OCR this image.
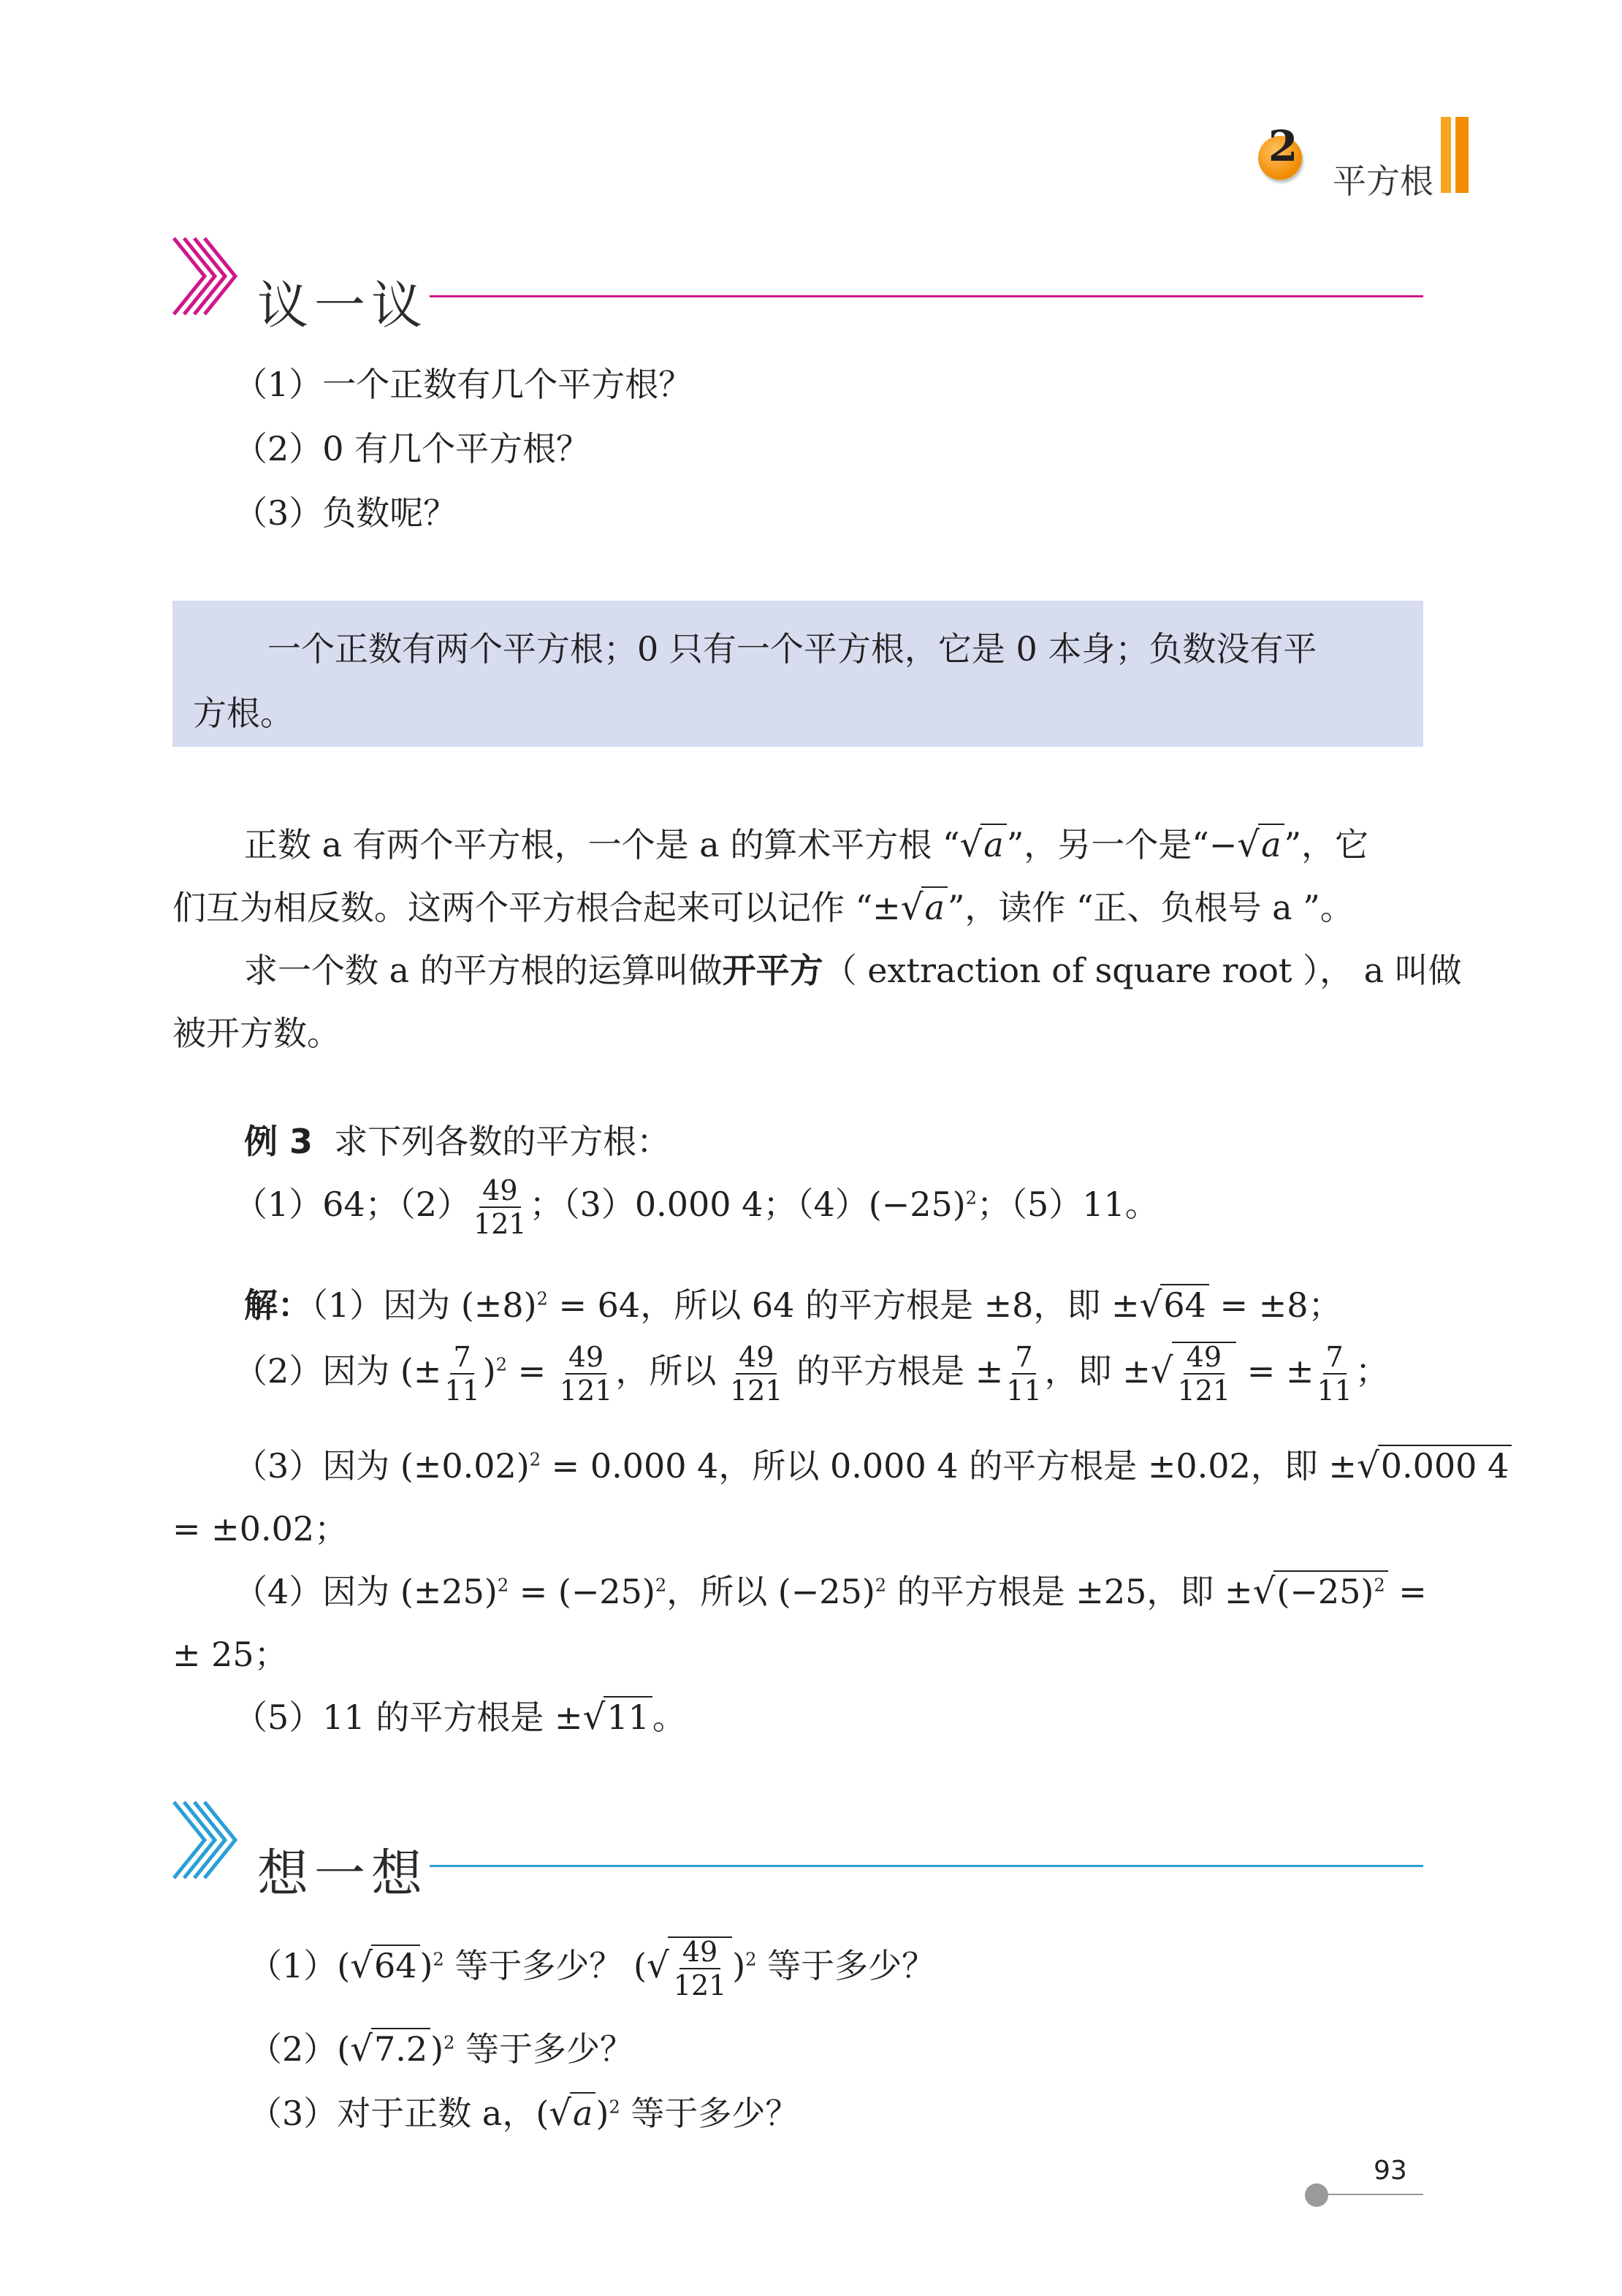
2
平方根
议一议
（1）一个正数有几个平方根？
（2）0 有几个平方根？
（3）负数呢？
一个正数有两个平方根；0 只有一个平方根，它是 0 本身；负数没有平
方根。
正数 a 有两个平方根，一个是 a 的算术平方根 “√a”，另一个是“−√a”，它
们互为相反数。这两个平方根合起来可以记作 “±√a”，读作 “正、负根号 a ”。
求一个数 a 的平方根的运算叫做开平方（ extraction of square root ）， a 叫做
被开方数。
例 3 求下列各数的平方根：
（1）64；$(2) \frac{49}{121}$ ；（3）0.000 4；$(4)(-25)^2$；（5）11。
解：（1）因为 $(\pm 8)^2 = 64$，所以 64 的平方根是 ±8，即 ±√64 = ±8；
（2）因为 (± $\frac{7}{11} )^2 = \frac{49}{121}$ ，所以 $\frac{49}{121}$ 的平方根是 ± $\frac{7}{11}$ ，即 ±√ $\frac{49}{121}$ = ± $\frac{7}{11}$ ；
（3）因为 $(\pm 0.02)^2 = 0.000$ 4，所以 0.000 4 的平方根是 ±0.02，即 ±√0.000 4
= ±0.02；
（4）因为 $(\pm 25)^2 = (-25)^2$，所以 $(-25)^2$ 的平方根是 ±25，即 $\pm√(-25)^2$ =
± 25；
（5）11 的平方根是 ±√11。
想一想
$(1)(√64)^2$ 等于多少？ (√ $\frac{49}{121} )^2$ 等于多少？
$(2)(√7.2)^2$ 等于多少？
（3）对于正数 a，$(√a)^2$ 等于多少？
93
